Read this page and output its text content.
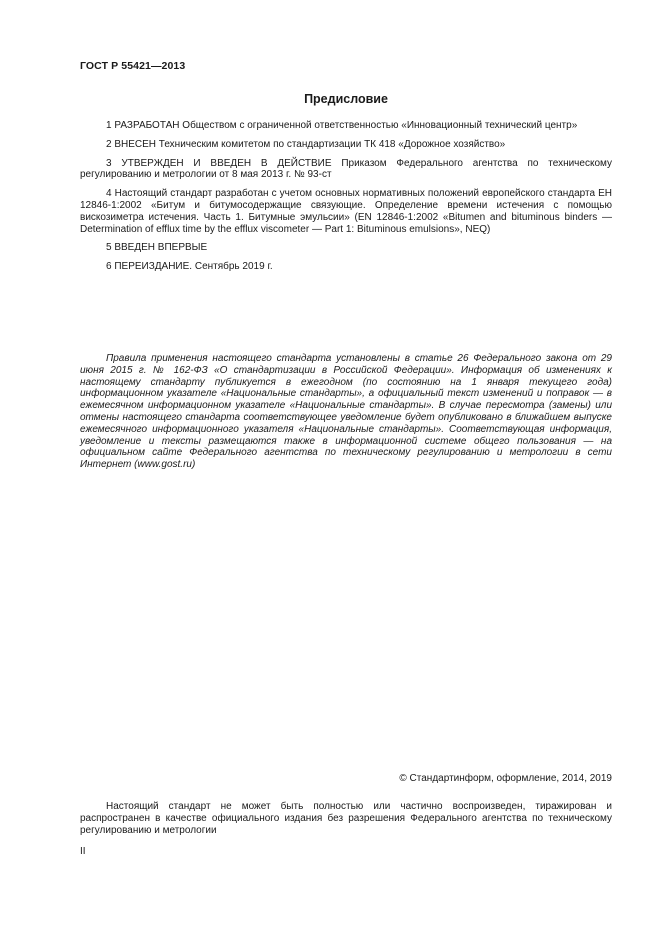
ГОСТ Р 55421—2013
Предисловие

1 РАЗРАБОТАН Обществом с ограниченной ответственностью «Инновационный технический центр»

2 ВНЕСЕН Техническим комитетом по стандартизации ТК 418 «Дорожное хозяйство»

3 УТВЕРЖДЕН И ВВЕДЕН В ДЕЙСТВИЕ Приказом Федерального агентства по техническому регулированию и метрологии от 8 мая 2013 г. № 93-ст

4 Настоящий стандарт разработан с учетом основных нормативных положений европейского стандарта ЕН 12846-1:2002 «Битум и битумосодержащие связующие. Определение времени истечения с помощью вискозиметра истечения. Часть 1. Битумные эмульсии» (EN 12846-1:2002 «Bitumen and bituminous binders — Determination of efflux time by the efflux viscometer — Part 1: Bituminous emulsions», NEQ)

5 ВВЕДЕН ВПЕРВЫЕ

6 ПЕРЕИЗДАНИЕ. Сентябрь 2019 г.

Правила применения настоящего стандарта установлены в статье 26 Федерального закона от 29 июня 2015 г. № 162-ФЗ «О стандартизации в Российской Федерации». Информация об изменениях к настоящему стандарту публикуется в ежегодном (по состоянию на 1 января текущего года) информационном указателе «Национальные стандарты», а официальный текст изменений и поправок — в ежемесячном информационном указателе «Национальные стандарты». В случае пересмотра (замены) или отмены настоящего стандарта соответствующее уведомление будет опубликовано в ближайшем выпуске ежемесячного информационного указателя «Национальные стандарты». Соответствующая информация, уведомление и тексты размещаются также в информационной системе общего пользования — на официальном сайте Федерального агентства по техническому регулированию и метрологии в сети Интернет (www.gost.ru)

© Стандартинформ, оформление, 2014, 2019

Настоящий стандарт не может быть полностью или частично воспроизведен, тиражирован и распространен в качестве официального издания без разрешения Федерального агентства по техническому регулированию и метрологии

II
